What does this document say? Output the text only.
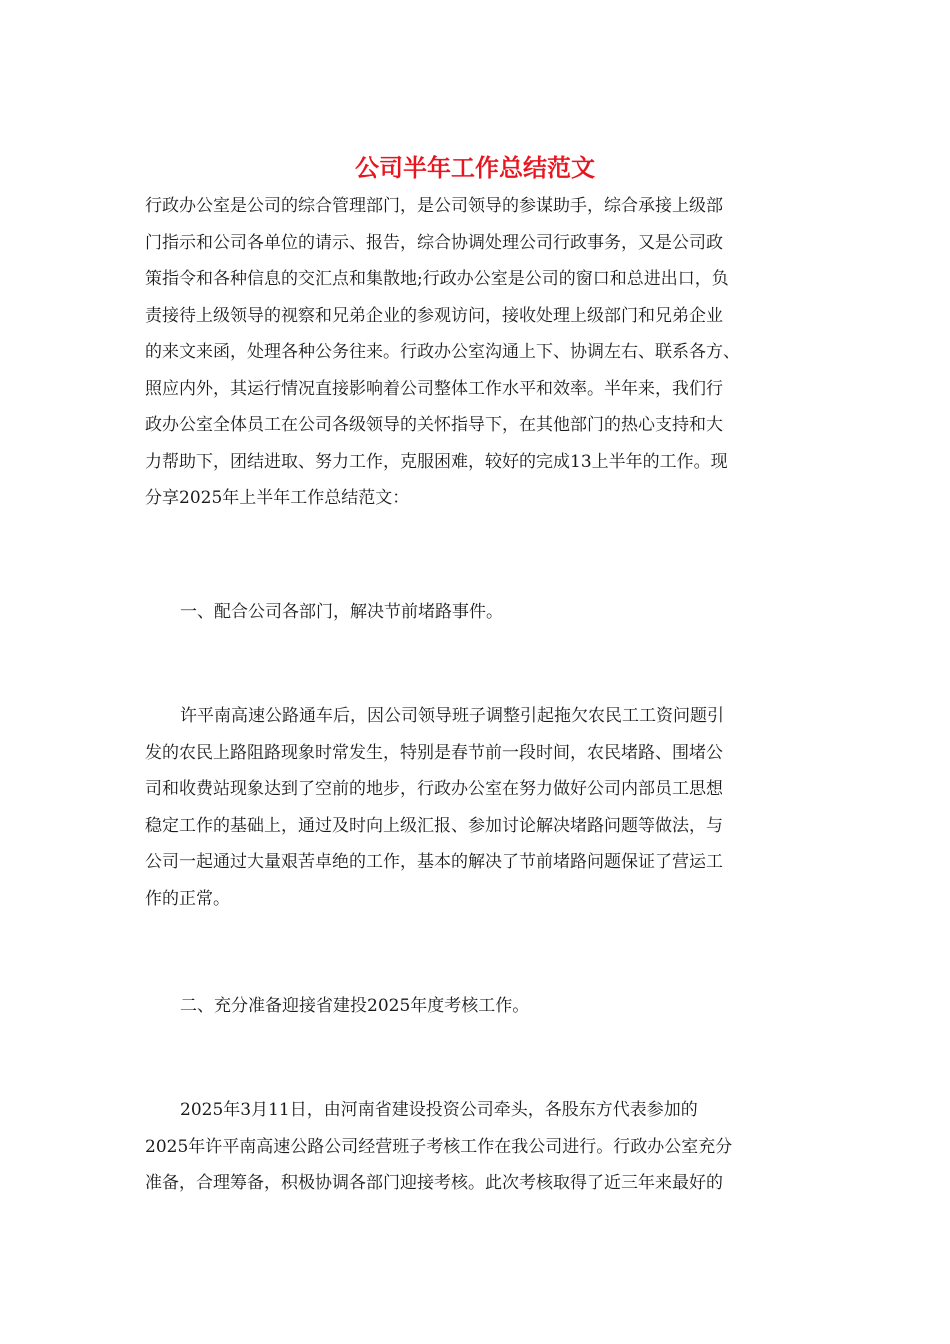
公司半年工作总结范文
行政办公室是公司的综合管理部门，是公司领导的参谋助手，综合承接上级部
门指示和公司各单位的请示、报告，综合协调处理公司行政事务，又是公司政
策指令和各种信息的交汇点和集散地;行政办公室是公司的窗口和总进出口，负
责接待上级领导的视察和兄弟企业的参观访问，接收处理上级部门和兄弟企业
的来文来函，处理各种公务往来。行政办公室沟通上下、协调左右、联系各方、
照应内外，其运行情况直接影响着公司整体工作水平和效率。半年来，我们行
政办公室全体员工在公司各级领导的关怀指导下，在其他部门的热心支持和大
力帮助下，团结进取、努力工作，克服困难，较好的完成13上半年的工作。现
分享2025年上半年工作总结范文：
一、配合公司各部门，解决节前堵路事件。
许平南高速公路通车后，因公司领导班子调整引起拖欠农民工工资问题引
发的农民上路阻路现象时常发生，特别是春节前一段时间，农民堵路、围堵公
司和收费站现象达到了空前的地步，行政办公室在努力做好公司内部员工思想
稳定工作的基础上，通过及时向上级汇报、参加讨论解决堵路问题等做法，与
公司一起通过大量艰苦卓绝的工作，基本的解决了节前堵路问题保证了营运工
作的正常。
二、充分准备迎接省建投2025年度考核工作。
2025年3月11日，由河南省建设投资公司牵头，各股东方代表参加的
2025年许平南高速公路公司经营班子考核工作在我公司进行。行政办公室充分
准备，合理筹备，积极协调各部门迎接考核。此次考核取得了近三年来最好的
